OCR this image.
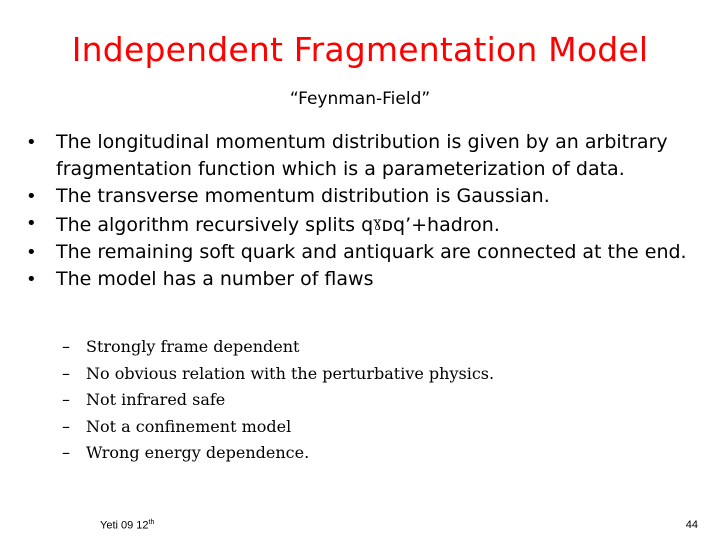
Independent Fragmentation Model
“Feynman-Field”
• The longitudinal momentum distribution is given by an arbitrary fragmentation function which is a parameterization of data.
• The transverse momentum distribution is Gaussian.
• The algorithm recursively splits $q^ɣᴅq’+hadron$.
• The remaining soft quark and antiquark are connected at the end.
• The model has a number of flaws
– Strongly frame dependent
– No obvious relation with the perturbative physics.
– Not infrared safe
– Not a confinement model
– Wrong energy dependence.
Yeti 09 12th	44
